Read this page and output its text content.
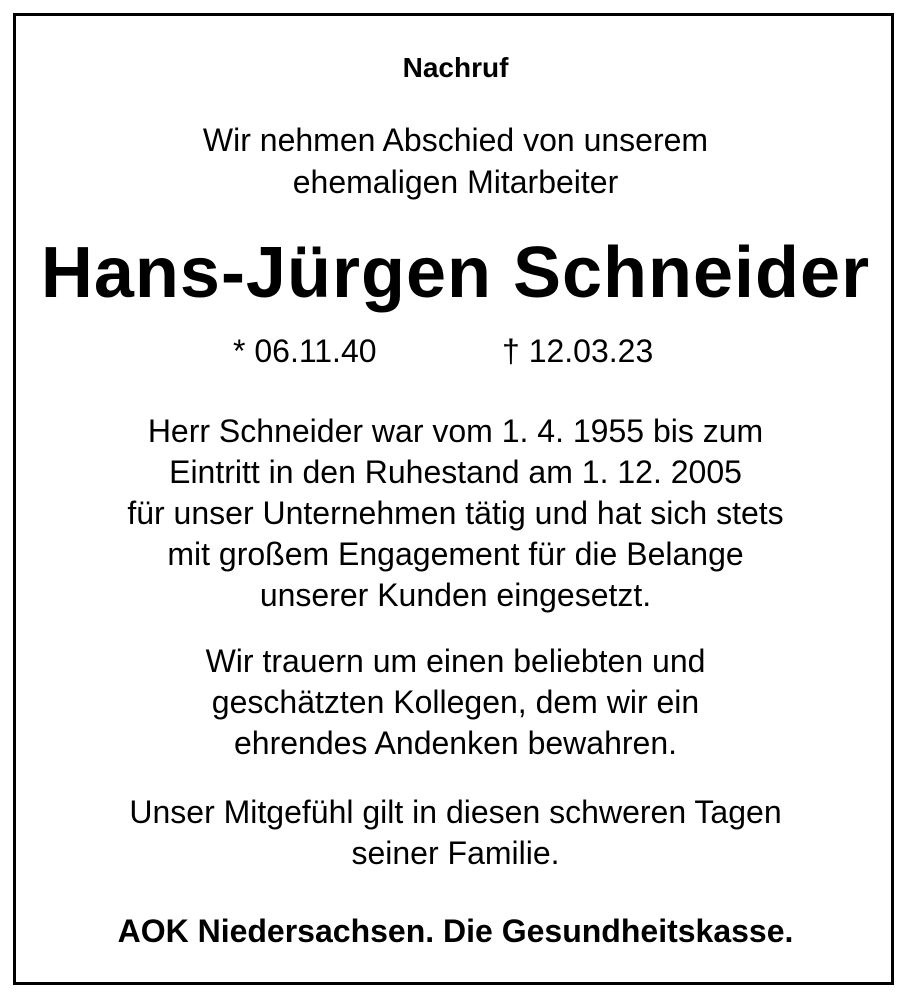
Nachruf
Wir nehmen Abschied von unserem
ehemaligen Mitarbeiter
Hans-Jürgen Schneider
* 06.11.40	† 12.03.23
Herr Schneider war vom 1. 4. 1955 bis zum
Eintritt in den Ruhestand am 1. 12. 2005
für unser Unternehmen tätig und hat sich stets
mit großem Engagement für die Belange
unserer Kunden eingesetzt.
Wir trauern um einen beliebten und
geschätzten Kollegen, dem wir ein
ehrendes Andenken bewahren.
Unser Mitgefühl gilt in diesen schweren Tagen
seiner Familie.
AOK Niedersachsen. Die Gesundheitskasse.
